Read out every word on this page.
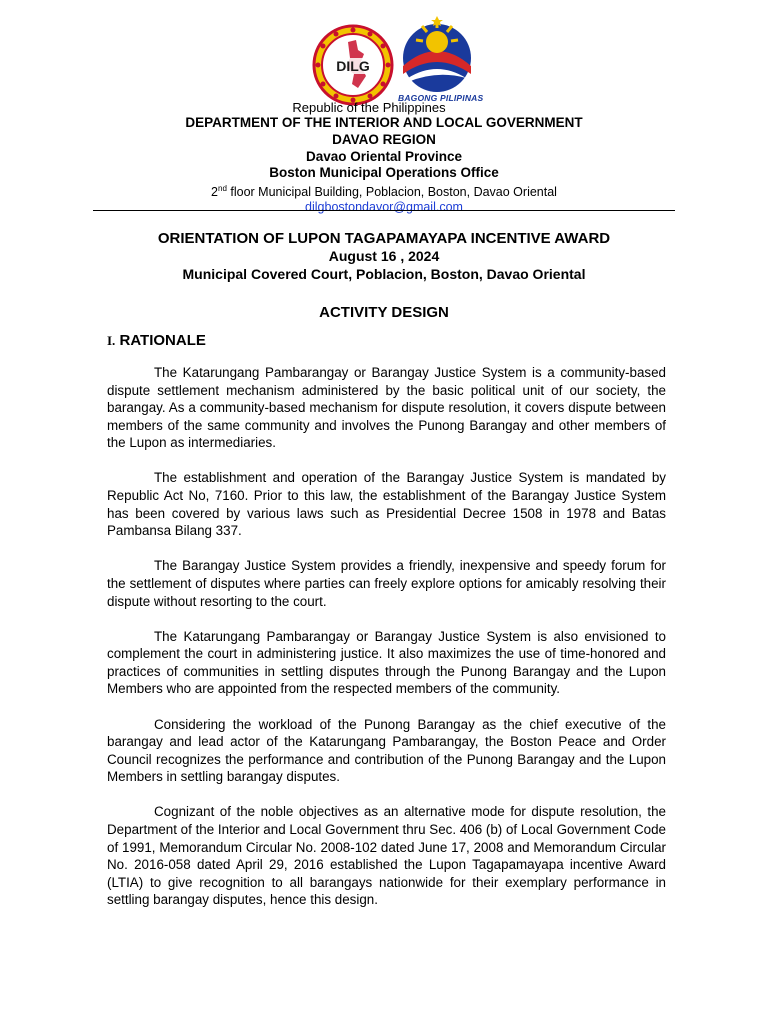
DILG
BAGONG PILIPINAS
Republic of the Philippines
DEPARTMENT OF THE INTERIOR AND LOCAL GOVERNMENT
DAVAO REGION
Davao Oriental Province
Boston Municipal Operations Office
2nd floor Municipal Building, Poblacion, Boston, Davao Oriental
dilgbostondavor@gmail.com
ORIENTATION OF LUPON TAGAPAMAYAPA INCENTIVE AWARD
August 16 , 2024
Municipal Covered Court, Poblacion, Boston, Davao Oriental
ACTIVITY DESIGN
I. RATIONALE

The Katarungang Pambarangay or Barangay Justice System is a community-based dispute settlement mechanism administered by the basic political unit of our society, the barangay. As a community-based mechanism for dispute resolution, it covers dispute between members of the same community and involves the Punong Barangay and other members of the Lupon as intermediaries.

The establishment and operation of the Barangay Justice System is mandated by Republic Act No, 7160. Prior to this law, the establishment of the Barangay Justice System has been covered by various laws such as Presidential Decree 1508 in 1978 and Batas Pambansa Bilang 337.

The Barangay Justice System provides a friendly, inexpensive and speedy forum for the settlement of disputes where parties can freely explore options for amicably resolving their dispute without resorting to the court.

The Katarungang Pambarangay or Barangay Justice System is also envisioned to complement the court in administering justice. It also maximizes the use of time-honored and practices of communities in settling disputes through the Punong Barangay and the Lupon Members who are appointed from the respected members of the community.

Considering the workload of the Punong Barangay as the chief executive of the barangay and lead actor of the Katarungang Pambarangay, the Boston Peace and Order Council recognizes the performance and contribution of the Punong Barangay and the Lupon Members in settling barangay disputes.

Cognizant of the noble objectives as an alternative mode for dispute resolution, the Department of the Interior and Local Government thru Sec. 406 (b) of Local Government Code of 1991, Memorandum Circular No. 2008-102 dated June 17, 2008 and Memorandum Circular No. 2016-058 dated April 29, 2016 established the Lupon Tagapamayapa incentive Award (LTIA) to give recognition to all barangays nationwide for their exemplary performance in settling barangay disputes, hence this design.
